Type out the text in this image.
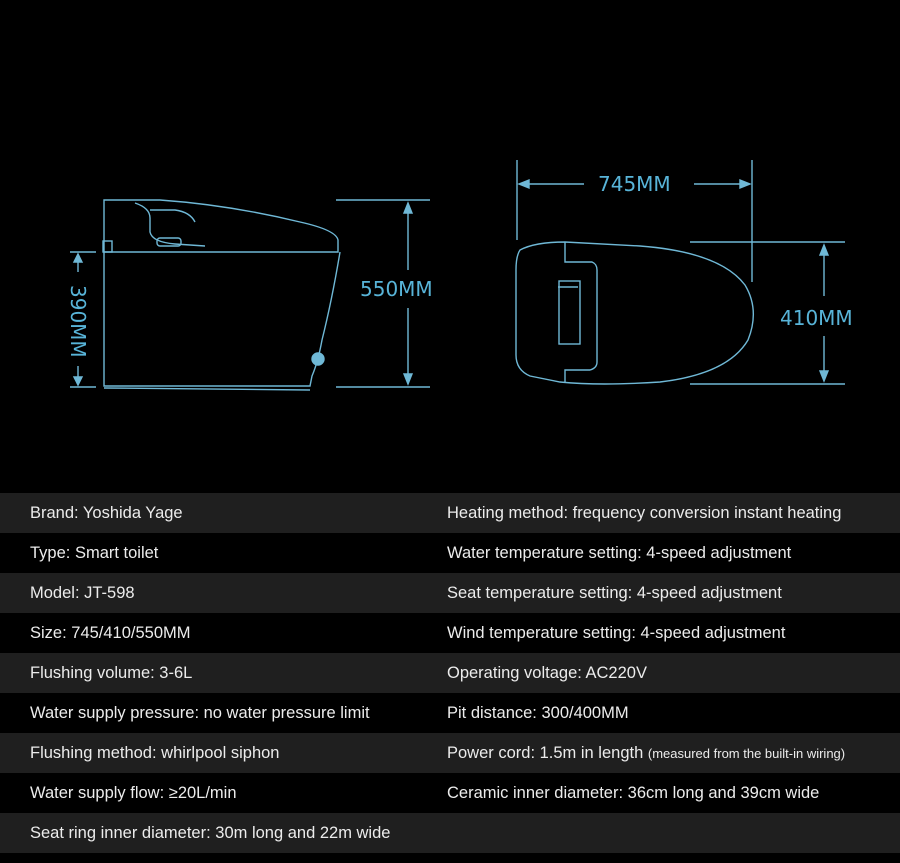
390MM	550MM
745MM
410MM
Brand: Yoshida Yage	Heating method: frequency conversion instant heating
Type: Smart toilet	Water temperature setting: 4-speed adjustment
Model: JT-598	Seat temperature setting: 4-speed adjustment
Size: 745/410/550MM	Wind temperature setting: 4-speed adjustment
Flushing volume: 3-6L	Operating voltage: AC220V
Water supply pressure: no water pressure limit	Pit distance: 300/400MM
Flushing method: whirlpool siphon	Power cord: 1.5m in length (measured from the built-in wiring)
Water supply flow: ≥20L/min	Ceramic inner diameter: 36cm long and 39cm wide
Seat ring inner diameter: 30m long and 22m wide
